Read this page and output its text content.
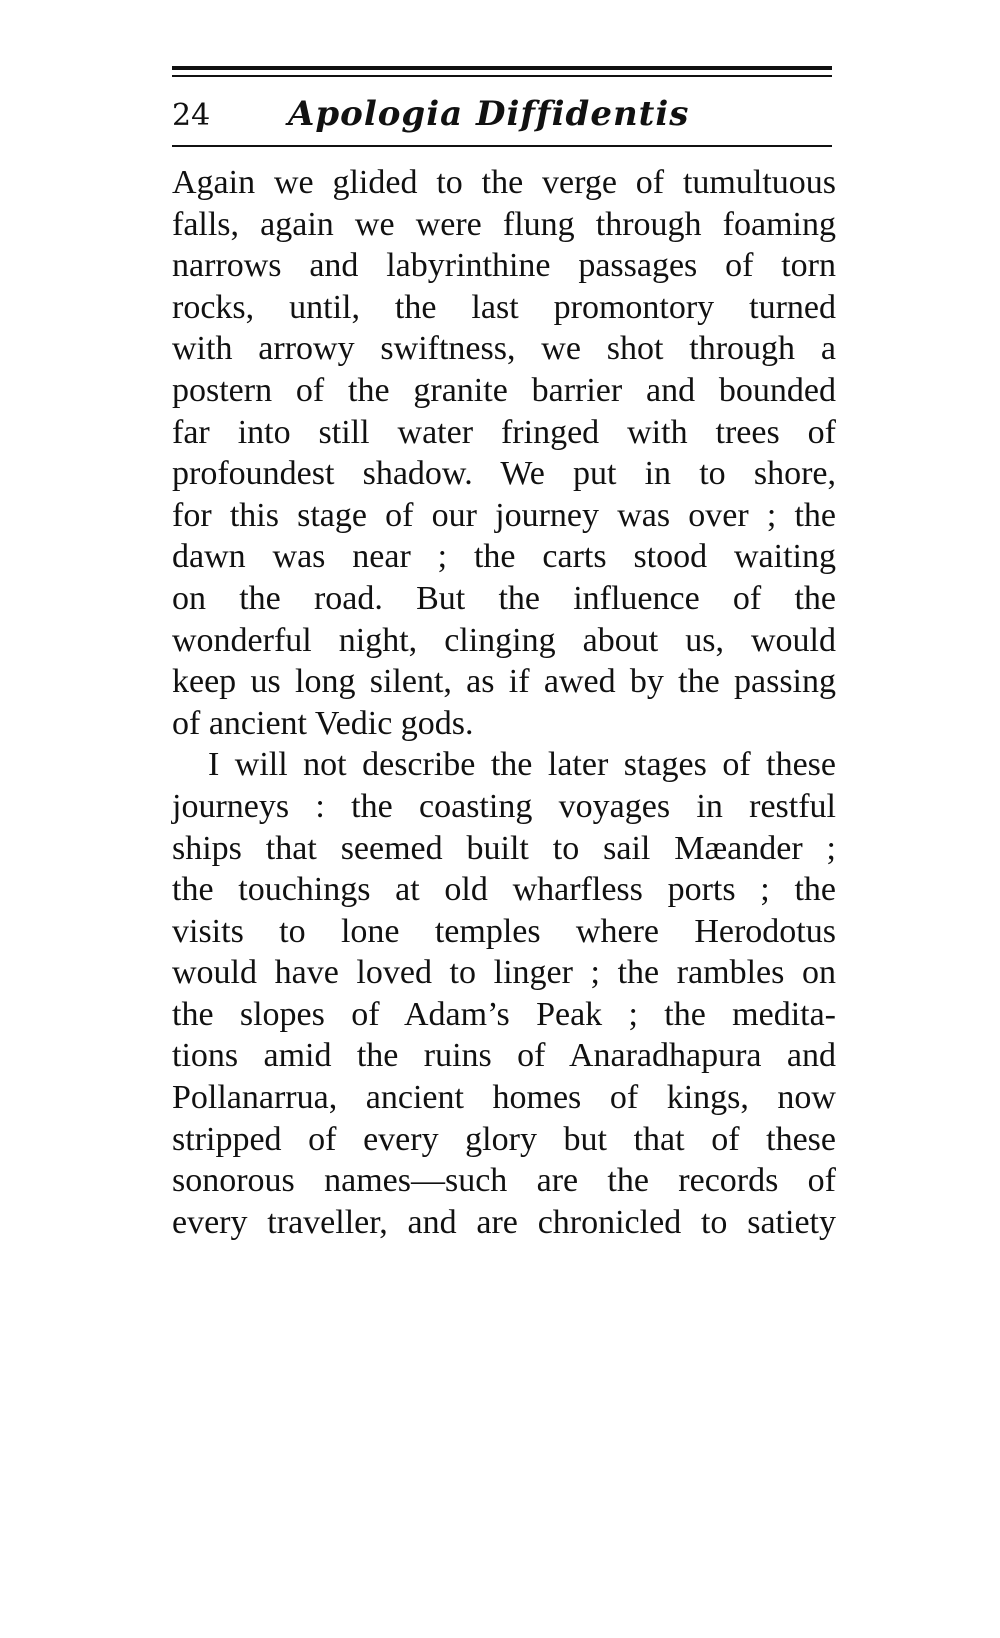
24 Apologia Diffidentis

Again we glided to the verge of tumultuous
falls, again we were flung through foaming
narrows and labyrinthine passages of torn
rocks, until, the last promontory turned
with arrowy swiftness, we shot through a
postern of the granite barrier and bounded
far into still water fringed with trees of
profoundest shadow. We put in to shore,
for this stage of our journey was over ; the
dawn was near ; the carts stood waiting
on the road. But the influence of the
wonderful night, clinging about us, would
keep us long silent, as if awed by the passing
of ancient Vedic gods.

I will not describe the later stages of these
journeys : the coasting voyages in restful
ships that seemed built to sail Mæander ;
the touchings at old wharfless ports ; the
visits to lone temples where Herodotus
would have loved to linger ; the rambles on
the slopes of Adam’s Peak ; the medita-
tions amid the ruins of Anaradhapura and
Pollanarrua, ancient homes of kings, now
stripped of every glory but that of these
sonorous names—such are the records of
every traveller, and are chronicled to satiety
